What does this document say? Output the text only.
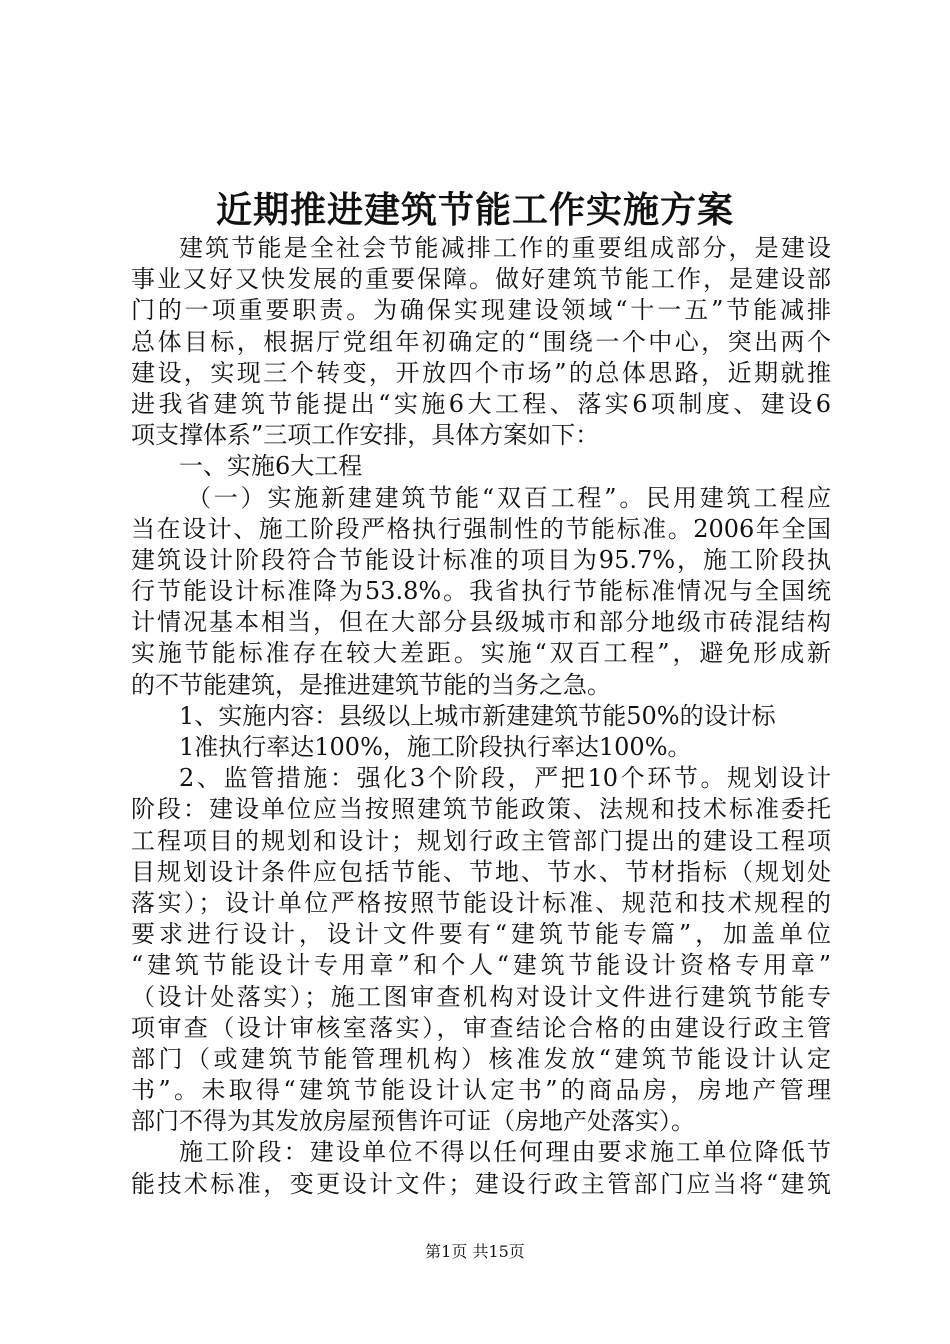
近期推进建筑节能工作实施方案
建筑节能是全社会节能减排工作的重要组成部分，是建设
事业又好又快发展的重要保障。做好建筑节能工作，是建设部
门的一项重要职责。为确保实现建设领域“十一五”节能减排
总体目标，根据厅党组年初确定的“围绕一个中心，突出两个
建设，实现三个转变，开放四个市场”的总体思路，近期就推
进我省建筑节能提出“实施6大工程、落实6项制度、建设6
项支撑体系”三项工作安排，具体方案如下：
一、实施6大工程
（一）实施新建建筑节能“双百工程”。民用建筑工程应
当在设计、施工阶段严格执行强制性的节能标准。2006年全国
建筑设计阶段符合节能设计标准的项目为95.7%，施工阶段执
行节能设计标准降为53.8%。我省执行节能标准情况与全国统
计情况基本相当，但在大部分县级城市和部分地级市砖混结构
实施节能标准存在较大差距。实施“双百工程”，避免形成新
的不节能建筑，是推进建筑节能的当务之急。
1、实施内容：县级以上城市新建建筑节能50%的设计标
1准执行率达100%，施工阶段执行率达100%。
2、监管措施：强化3个阶段，严把10个环节。规划设计
阶段：建设单位应当按照建筑节能政策、法规和技术标准委托
工程项目的规划和设计；规划行政主管部门提出的建设工程项
目规划设计条件应包括节能、节地、节水、节材指标（规划处
落实）；设计单位严格按照节能设计标准、规范和技术规程的
要求进行设计，设计文件要有“建筑节能专篇”，加盖单位
“建筑节能设计专用章”和个人“建筑节能设计资格专用章”
（设计处落实）；施工图审查机构对设计文件进行建筑节能专
项审查（设计审核室落实），审查结论合格的由建设行政主管
部门（或建筑节能管理机构）核准发放“建筑节能设计认定
书”。未取得“建筑节能设计认定书”的商品房，房地产管理
部门不得为其发放房屋预售许可证（房地产处落实）。
施工阶段：建设单位不得以任何理由要求施工单位降低节
能技术标准，变更设计文件；建设行政主管部门应当将“建筑
第1页 共15页
